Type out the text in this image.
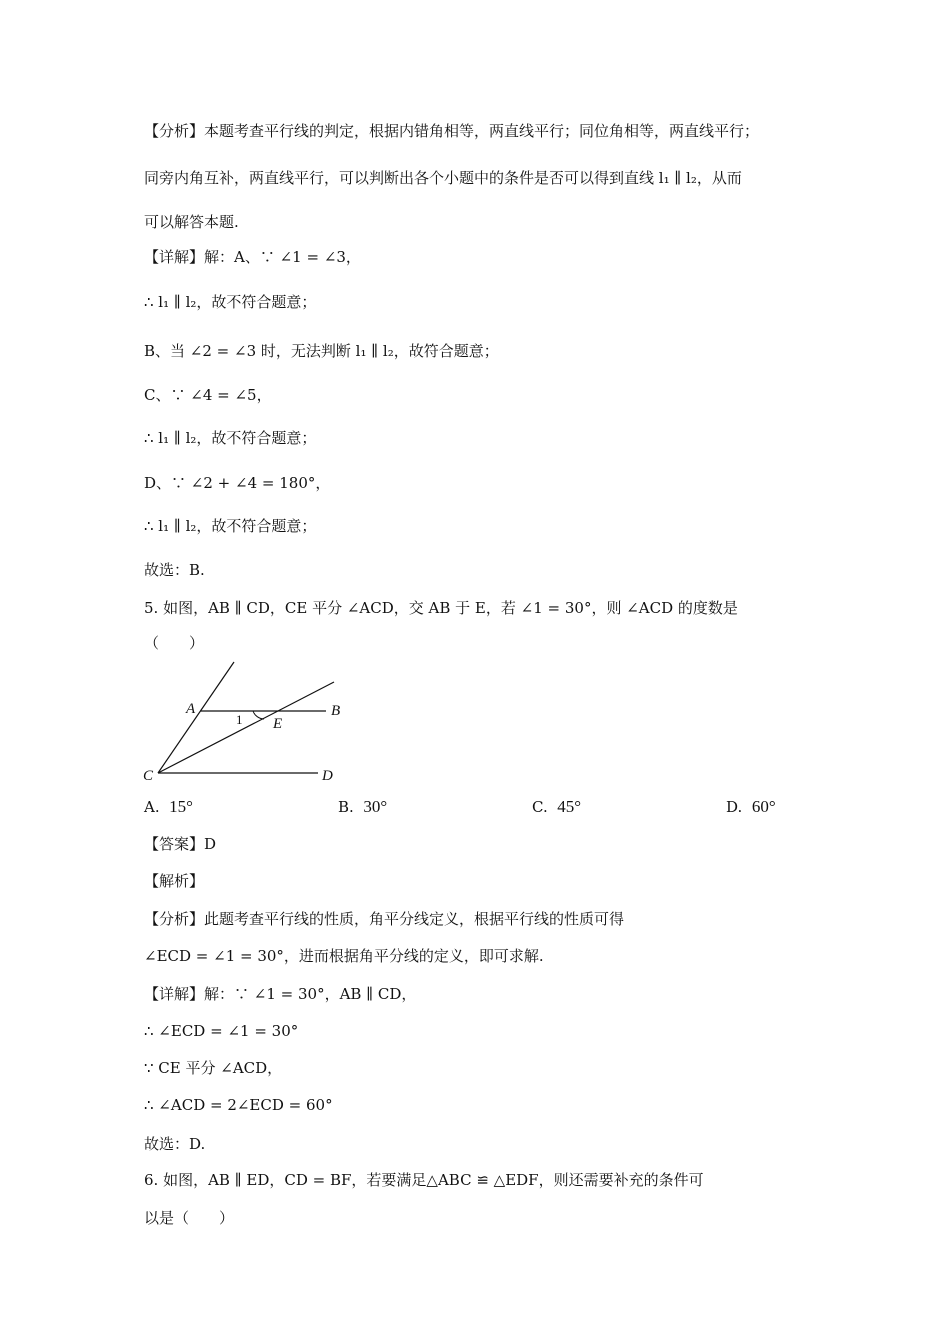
【分析】本题考查平行线的判定，根据内错角相等，两直线平行；同位角相等，两直线平行；
同旁内角互补，两直线平行，可以判断出各个小题中的条件是否可以得到直线 l₁ ∥ l₂，从而
可以解答本题.
【详解】解：A、∵ ∠1 = ∠3，
∴ l₁ ∥ l₂，故不符合题意；
B、当 ∠2 = ∠3 时，无法判断 l₁ ∥ l₂，故符合题意；
C、∵ ∠4 = ∠5，
∴ l₁ ∥ l₂，故不符合题意；
D、∵ ∠2 + ∠4 = 180°，
∴ l₁ ∥ l₂，故不符合题意；
故选：B.
5. 如图，AB ∥ CD，CE 平分 ∠ACD，交 AB 于 E，若 ∠1 = 30°，则 ∠ACD 的度数是
（　　）
A	B
C	D
E
1
A. 15°	B. 30°	C. 45°	D. 60°
【答案】D
【解析】
【分析】此题考查平行线的性质，角平分线定义，根据平行线的性质可得
∠ECD = ∠1 = 30°，进而根据角平分线的定义，即可求解.
【详解】解：∵ ∠1 = 30°，AB ∥ CD，
∴ ∠ECD = ∠1 = 30°
∵ CE 平分 ∠ACD，
∴ ∠ACD = 2∠ECD = 60°
故选：D.
6. 如图，AB ∥ ED，CD = BF，若要满足△ABC ≌ △EDF，则还需要补充的条件可
以是（　　）
